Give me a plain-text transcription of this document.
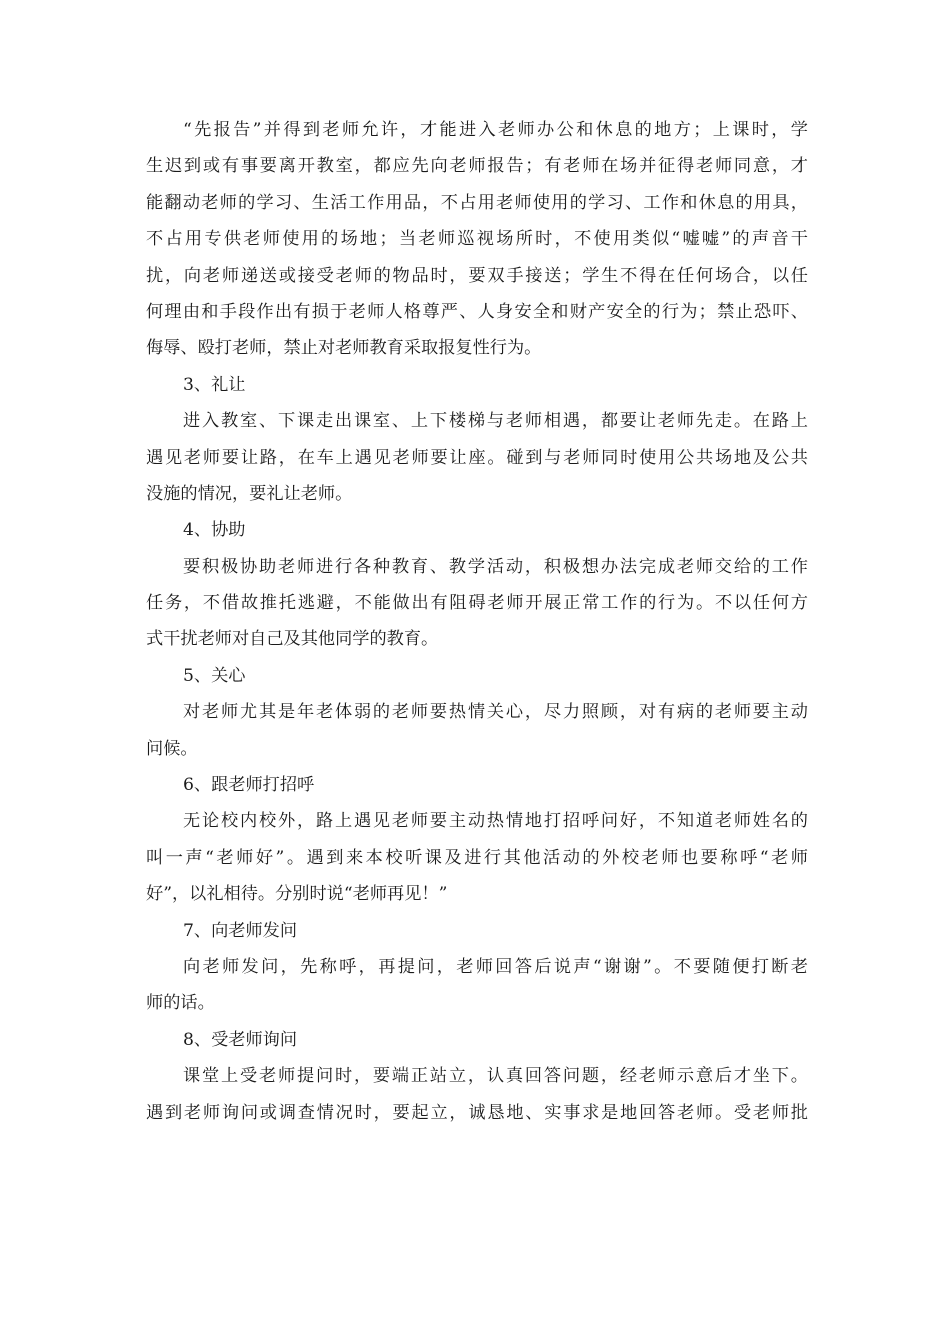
“先报告”并得到老师允许，才能进入老师办公和休息的地方；上课时，学

生迟到或有事要离开教室，都应先向老师报告；有老师在场并征得老师同意，才

能翻动老师的学习、生活工作用品，不占用老师使用的学习、工作和休息的用具，

不占用专供老师使用的场地；当老师巡视场所时，不使用类似“嘘嘘”的声音干

扰，向老师递送或接受老师的物品时，要双手接送；学生不得在任何场合，以任

何理由和手段作出有损于老师人格尊严、人身安全和财产安全的行为；禁止恐吓、

侮辱、殴打老师，禁止对老师教育采取报复性行为。

3、礼让

进入教室、下课走出课室、上下楼梯与老师相遇，都要让老师先走。在路上

遇见老师要让路，在车上遇见老师要让座。碰到与老师同时使用公共场地及公共

没施的情况，要礼让老师。

4、协助

要积极协助老师进行各种教育、教学活动，积极想办法完成老师交给的工作

任务，不借故推托逃避，不能做出有阻碍老师开展正常工作的行为。不以任何方

式干扰老师对自己及其他同学的教育。

5、关心

对老师尤其是年老体弱的老师要热情关心，尽力照顾，对有病的老师要主动

问候。

6、跟老师打招呼

无论校内校外，路上遇见老师要主动热情地打招呼问好，不知道老师姓名的

叫一声“老师好”。遇到来本校听课及进行其他活动的外校老师也要称呼“老师

好”，以礼相待。分别时说“老师再见！”

7、向老师发问

向老师发问，先称呼，再提问，老师回答后说声“谢谢”。不要随便打断老

师的话。

8、受老师询问

课堂上受老师提问时，要端正站立，认真回答问题，经老师示意后才坐下。

遇到老师询问或调查情况时，要起立，诚恳地、实事求是地回答老师。受老师批
